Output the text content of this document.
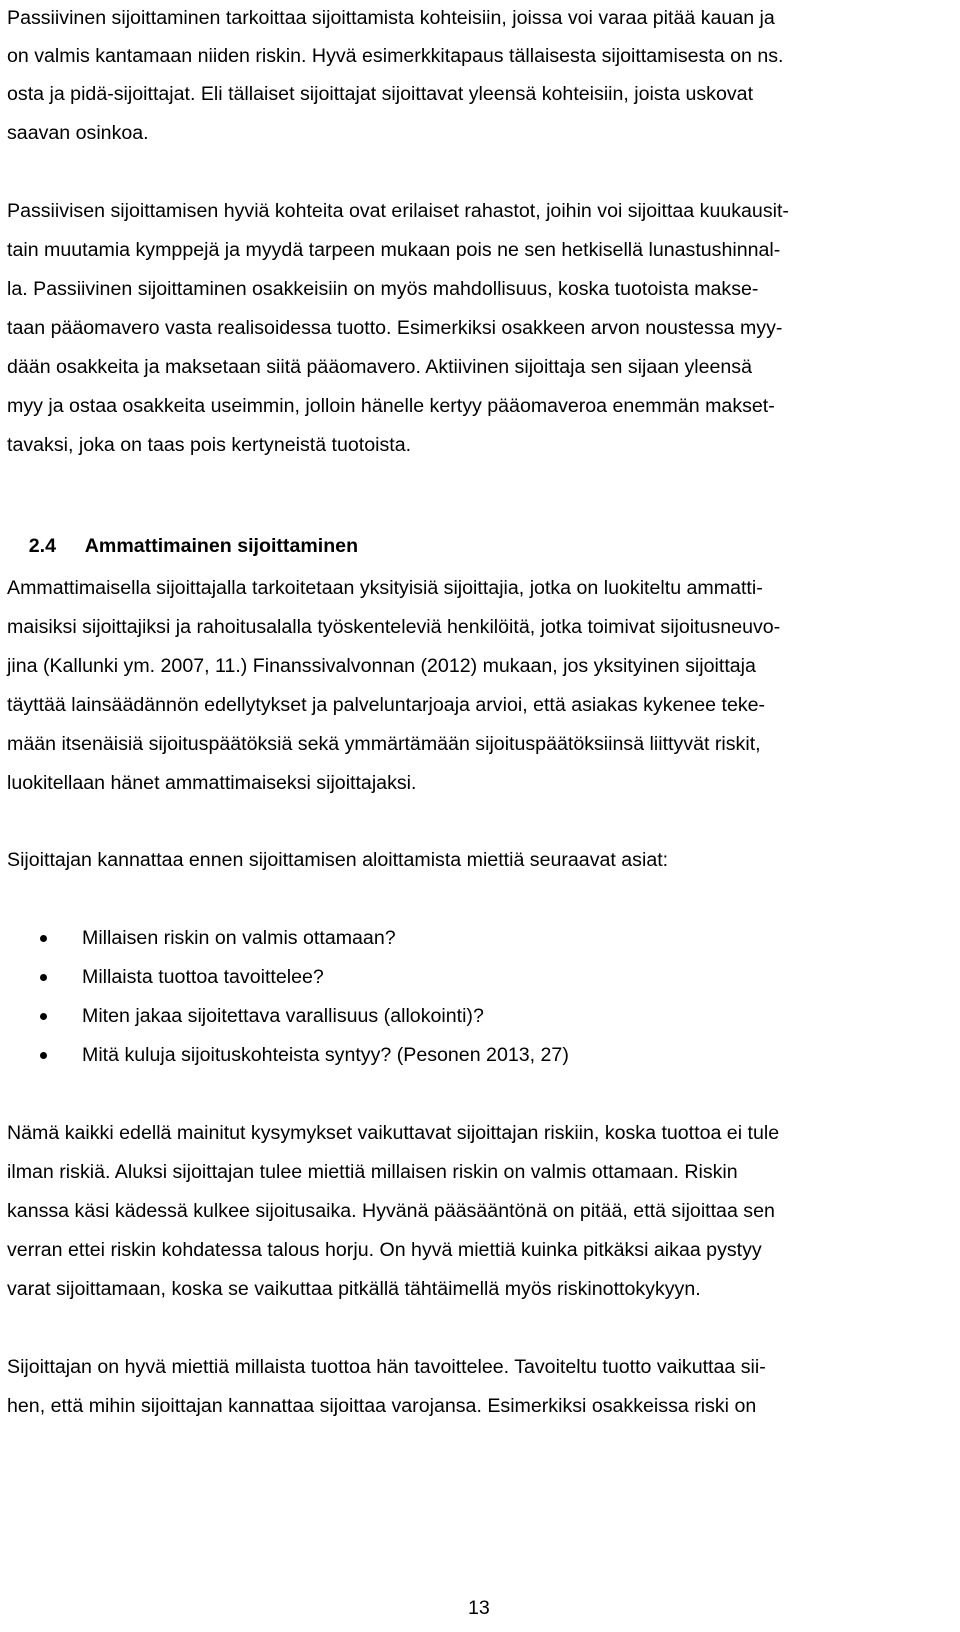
Passiivinen sijoittaminen tarkoittaa sijoittamista kohteisiin, joissa voi varaa pitää kauan ja
on valmis kantamaan niiden riskin. Hyvä esimerkkitapaus tällaisesta sijoittamisesta on ns.
osta ja pidä-sijoittajat. Eli tällaiset sijoittajat sijoittavat yleensä kohteisiin, joista uskovat
saavan osinkoa.
Passiivisen sijoittamisen hyviä kohteita ovat erilaiset rahastot, joihin voi sijoittaa kuukausit-
tain muutamia kymppejä ja myydä tarpeen mukaan pois ne sen hetkisellä lunastushinnal-
la. Passiivinen sijoittaminen osakkeisiin on myös mahdollisuus, koska tuotoista makse-
taan pääomavero vasta realisoidessa tuotto. Esimerkiksi osakkeen arvon noustessa myy-
dään osakkeita ja maksetaan siitä pääomavero. Aktiivinen sijoittaja sen sijaan yleensä
myy ja ostaa osakkeita useimmin, jolloin hänelle kertyy pääomaveroa enemmän makset-
tavaksi, joka on taas pois kertyneistä tuotoista.

2.4 Ammattimainen sijoittaminen

Ammattimaisella sijoittajalla tarkoitetaan yksityisiä sijoittajia, jotka on luokiteltu ammatti-
maisiksi sijoittajiksi ja rahoitusalalla työskenteleviä henkilöitä, jotka toimivat sijoitusneuvo-
jina (Kallunki ym. 2007, 11.) Finanssivalvonnan (2012) mukaan, jos yksityinen sijoittaja
täyttää lainsäädännön edellytykset ja palveluntarjoaja arvioi, että asiakas kykenee teke-
mään itsenäisiä sijoituspäätöksiä sekä ymmärtämään sijoituspäätöksiinsä liittyvät riskit,
luokitellaan hänet ammattimaiseksi sijoittajaksi.
Sijoittajan kannattaa ennen sijoittamisen aloittamista miettiä seuraavat asiat:

Millaisen riskin on valmis ottamaan?

Millaista tuottoa tavoittelee?

Miten jakaa sijoitettava varallisuus (allokointi)?

Mitä kuluja sijoituskohteista syntyy? (Pesonen 2013, 27)

Nämä kaikki edellä mainitut kysymykset vaikuttavat sijoittajan riskiin, koska tuottoa ei tule
ilman riskiä. Aluksi sijoittajan tulee miettiä millaisen riskin on valmis ottamaan. Riskin
kanssa käsi kädessä kulkee sijoitusaika. Hyvänä pääsääntönä on pitää, että sijoittaa sen
verran ettei riskin kohdatessa talous horju. On hyvä miettiä kuinka pitkäksi aikaa pystyy
varat sijoittamaan, koska se vaikuttaa pitkällä tähtäimellä myös riskinottokykyyn.
Sijoittajan on hyvä miettiä millaista tuottoa hän tavoittelee. Tavoiteltu tuotto vaikuttaa sii-
hen, että mihin sijoittajan kannattaa sijoittaa varojansa. Esimerkiksi osakkeissa riski on
13
